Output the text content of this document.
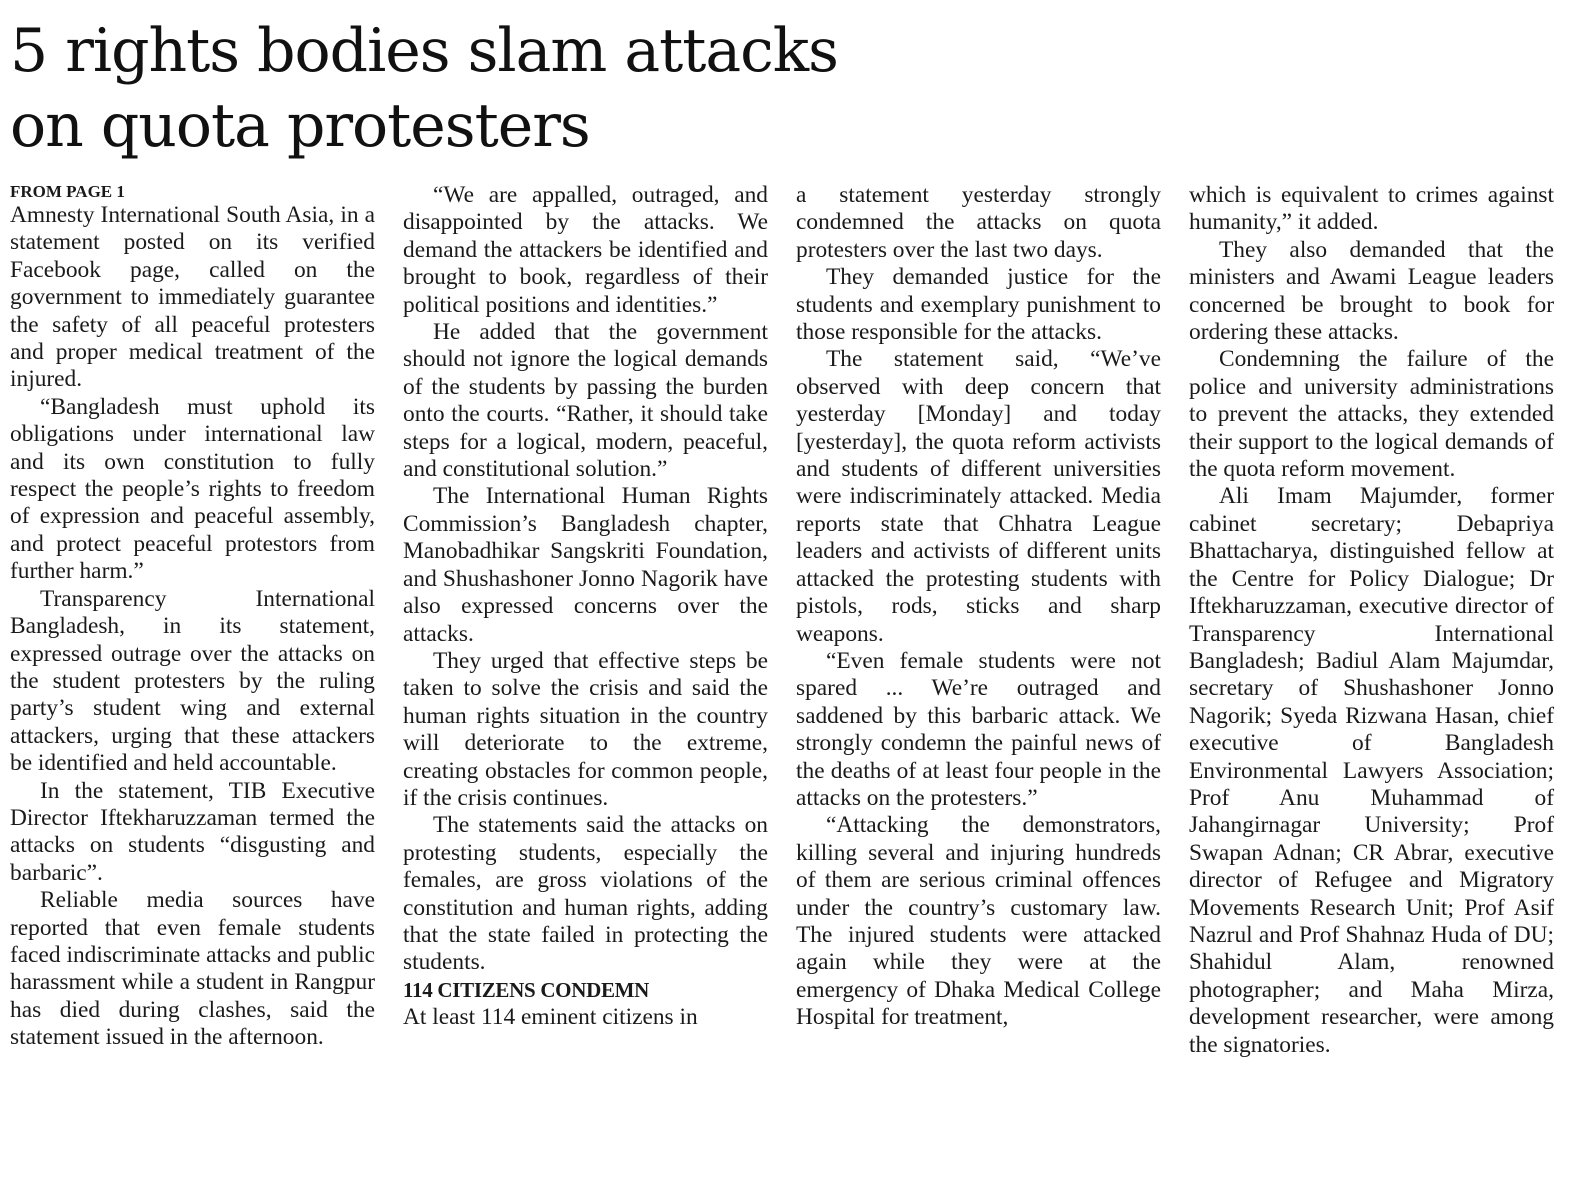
5 rights bodies slam attacks
on quota protesters
FROM PAGE 1

Amnesty International South Asia, in a statement posted on its verified Facebook page, called on the government to immediately guarantee the safety of all peaceful protesters and proper medical treatment of the injured.

“Bangladesh must uphold its obligations under international law and its own constitution to fully respect the people’s rights to freedom of expression and peaceful assembly, and protect peaceful protestors from further harm.”

Transparency International Bangladesh, in its statement, expressed outrage over the attacks on the student protesters by the ruling party’s student wing and external attackers, urging that these attackers be identified and held accountable.

In the statement, TIB Executive Director Iftekharuzzaman termed the attacks on students “disgusting and barbaric”.

Reliable media sources have reported that even female students faced indiscriminate attacks and public harassment while a student in Rangpur has died during clashes, said the statement issued in the afternoon.

“We are appalled, outraged, and disappointed by the attacks. We demand the attackers be identified and brought to book, regardless of their political positions and identities.”

He added that the government should not ignore the logical demands of the students by passing the burden onto the courts. “Rather, it should take steps for a logical, modern, peaceful, and constitutional solution.”

The International Human Rights Commission’s Bangladesh chapter, Manobadhikar Sangskriti Foundation, and Shushashoner Jonno Nagorik have also expressed concerns over the attacks.

They urged that effective steps be taken to solve the crisis and said the human rights situation in the country will deteriorate to the extreme, creating obstacles for common people, if the crisis continues.

The statements said the attacks on protesting students, especially the females, are gross violations of the constitution and human rights, adding that the state failed in protecting the students.

114 CITIZENS CONDEMN

At least 114 eminent citizens in

a statement yesterday strongly condemned the attacks on quota protesters over the last two days.

They demanded justice for the students and exemplary punishment to those responsible for the attacks.

The statement said, “We’ve observed with deep concern that yesterday [Monday] and today [yesterday], the quota reform activists and students of different universities were indiscriminately attacked. Media reports state that Chhatra League leaders and activists of different units attacked the protesting students with pistols, rods, sticks and sharp weapons.

“Even female students were not spared ... We’re outraged and saddened by this barbaric attack. We strongly condemn the painful news of the deaths of at least four people in the attacks on the protesters.”

“Attacking the demonstrators, killing several and injuring hundreds of them are serious criminal offences under the country’s customary law. The injured students were attacked again while they were at the emergency of Dhaka Medical College Hospital for treatment,

which is equivalent to crimes against humanity,” it added.

They also demanded that the ministers and Awami League leaders concerned be brought to book for ordering these attacks.

Condemning the failure of the police and university administrations to prevent the attacks, they extended their support to the logical demands of the quota reform movement.

Ali Imam Majumder, former cabinet secretary; Debapriya Bhattacharya, distinguished fellow at the Centre for Policy Dialogue; Dr Iftekharuzzaman, executive director of Transparency International Bangladesh; Badiul Alam Majumdar, secretary of Shushashoner Jonno Nagorik; Syeda Rizwana Hasan, chief executive of Bangladesh Environmental Lawyers Association; Prof Anu Muhammad of Jahangirnagar University; Prof Swapan Adnan; CR Abrar, executive director of Refugee and Migratory Movements Research Unit; Prof Asif Nazrul and Prof Shahnaz Huda of DU; Shahidul Alam, renowned photographer; and Maha Mirza, development researcher, were among the signatories.
